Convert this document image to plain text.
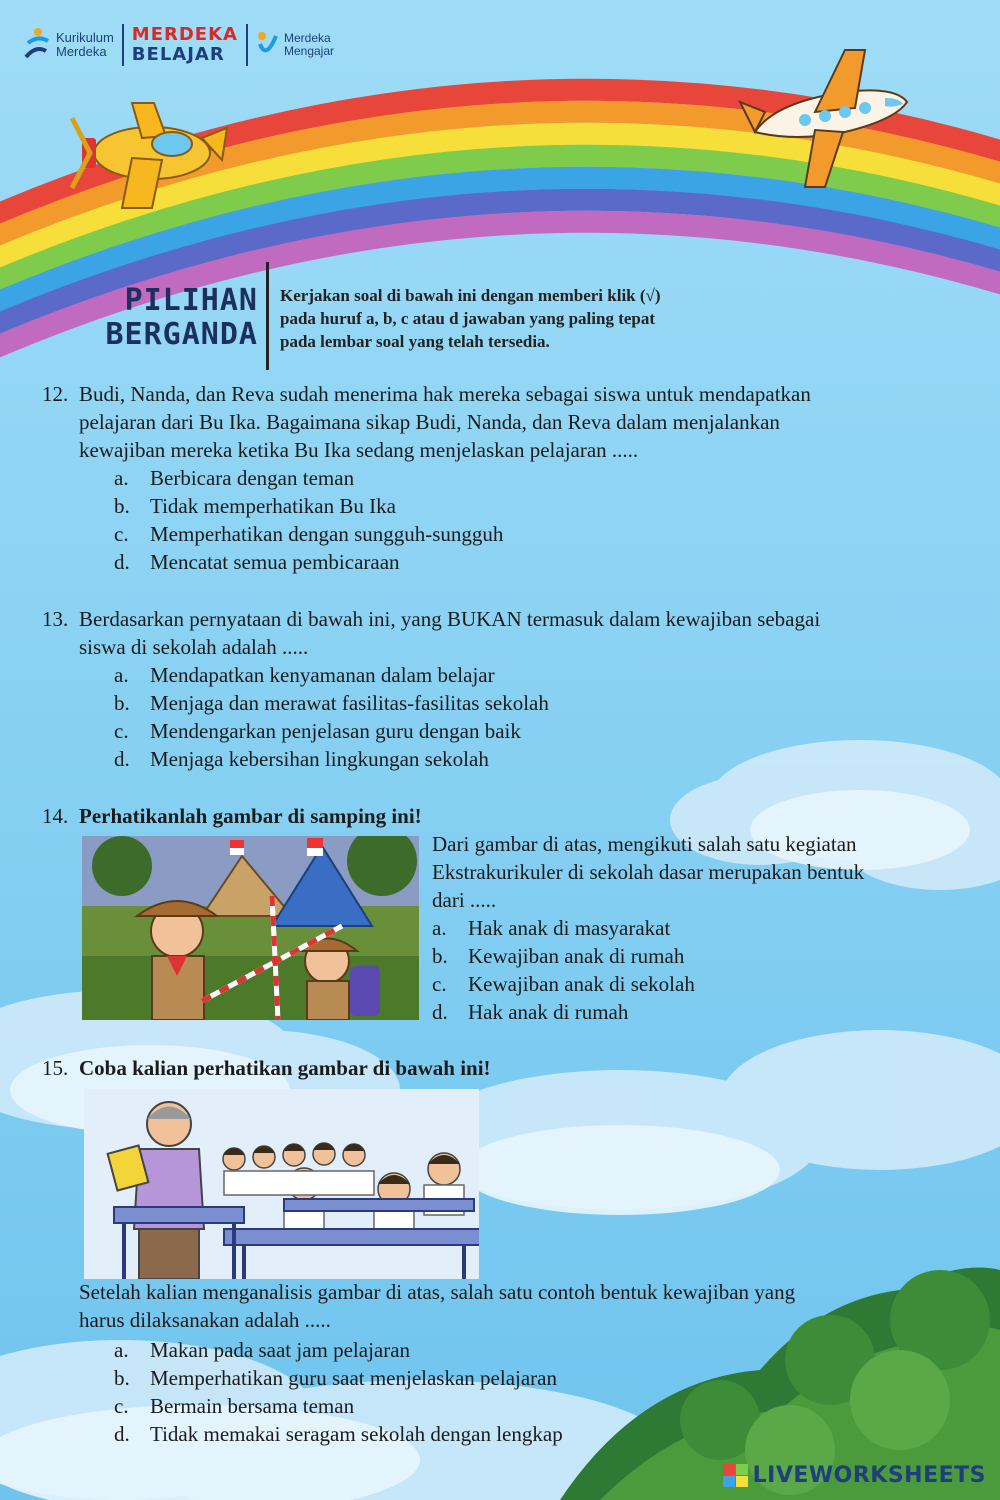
Kurikulum
Merdeka
MERDEKA
BELAJAR
Merdeka
Mengajar
PILIHAN
BERGANDA
Kerjakan soal di bawah ini dengan memberi klik (√)
pada huruf a, b, c atau d jawaban yang paling tepat
pada lembar soal yang telah tersedia.
12. Budi, Nanda, dan Reva sudah menerima hak mereka sebagai siswa untuk mendapatkan
pelajaran dari Bu Ika. Bagaimana sikap Budi, Nanda, dan Reva dalam menjalankan
kewajiban mereka ketika Bu Ika sedang menjelaskan pelajaran .....
a. Berbicara dengan teman
b. Tidak memperhatikan Bu Ika
c. Memperhatikan dengan sungguh-sungguh
d. Mencatat semua pembicaraan
13. Berdasarkan pernyataan di bawah ini, yang BUKAN termasuk dalam kewajiban sebagai
siswa di sekolah adalah .....
a. Mendapatkan kenyamanan dalam belajar
b. Menjaga dan merawat fasilitas-fasilitas sekolah
c. Mendengarkan penjelasan guru dengan baik
d. Menjaga kebersihan lingkungan sekolah
14. Perhatikanlah gambar di samping ini!
Dari gambar di atas, mengikuti salah satu kegiatan
Ekstrakurikuler di sekolah dasar merupakan bentuk
dari .....
a. Hak anak di masyarakat
b. Kewajiban anak di rumah
c. Kewajiban anak di sekolah
d. Hak anak di rumah
15. Coba kalian perhatikan gambar di bawah ini!
Setelah kalian menganalisis gambar di atas, salah satu contoh bentuk kewajiban yang
harus dilaksanakan adalah .....
a. Makan pada saat jam pelajaran
b. Memperhatikan guru saat menjelaskan pelajaran
c. Bermain bersama teman
d. Tidak memakai seragam sekolah dengan lengkap
LIVEWORKSHEETS
